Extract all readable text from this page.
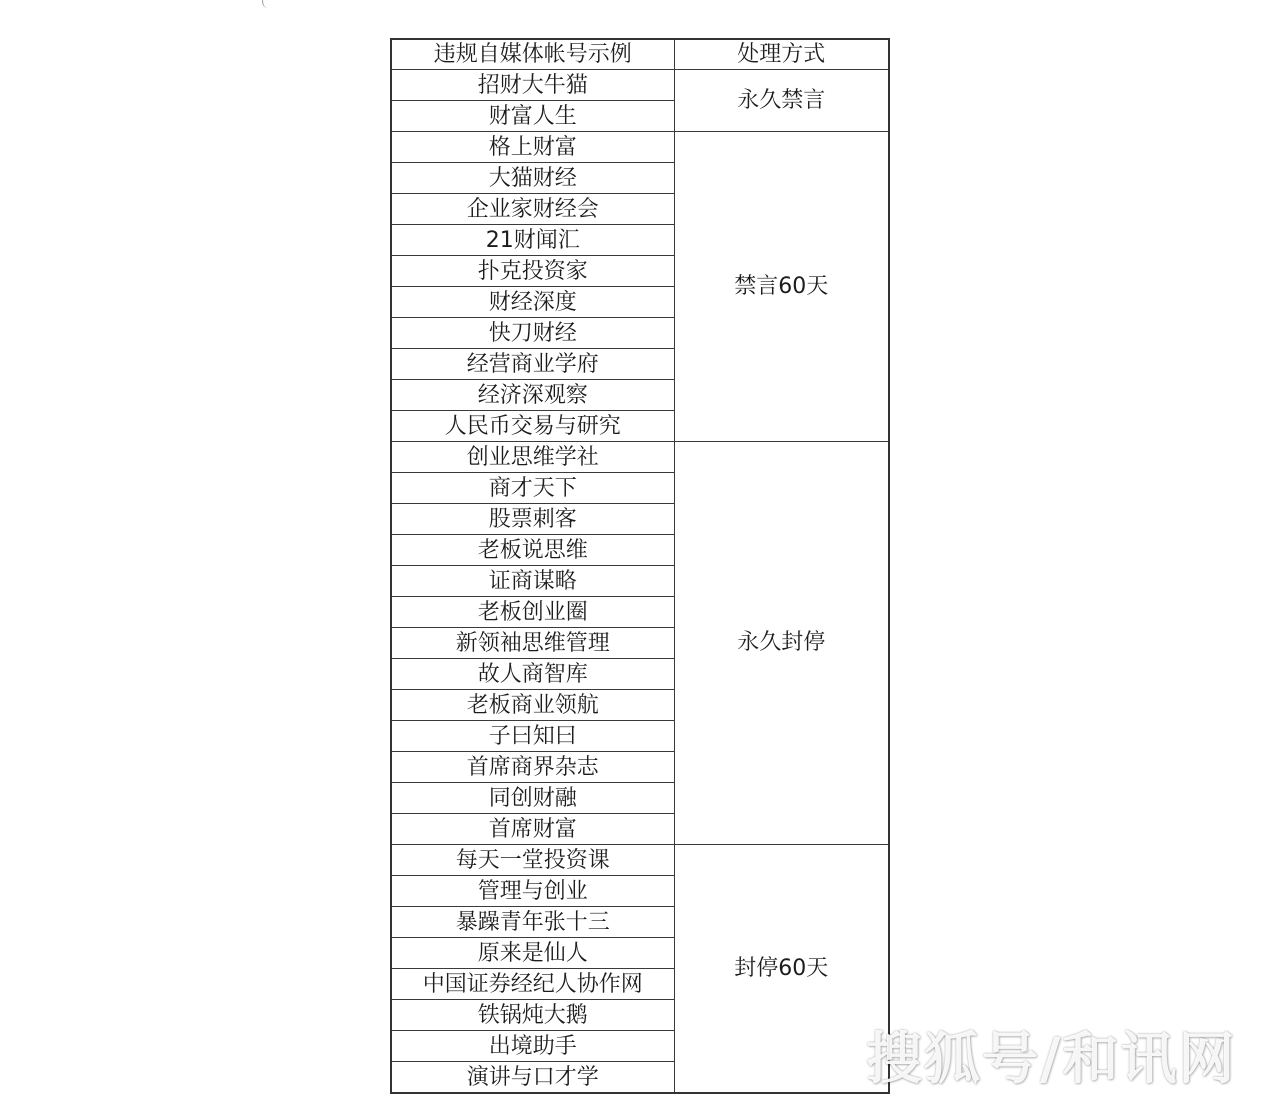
违规自媒体帐号示例	处理方式
招财大牛猫	永久禁言
财富人生	
格上财富	禁言60天
大猫财经	
企业家财经会	
21财闻汇	
扑克投资家	
财经深度	
快刀财经	
经营商业学府	
经济深观察	
人民币交易与研究	
创业思维学社	永久封停
商才天下	
股票刺客	
老板说思维	
证商谋略	
老板创业圈	
新领袖思维管理	
故人商智库	
老板商业领航	
子曰知曰	
首席商界杂志	
同创财融	
首席财富	
每天一堂投资课	封停60天
管理与创业	
暴躁青年张十三	
原来是仙人	
中国证券经纪人协作网	
铁锅炖大鹅	
出境助手	
演讲与口才学		搜狐号/和讯网
